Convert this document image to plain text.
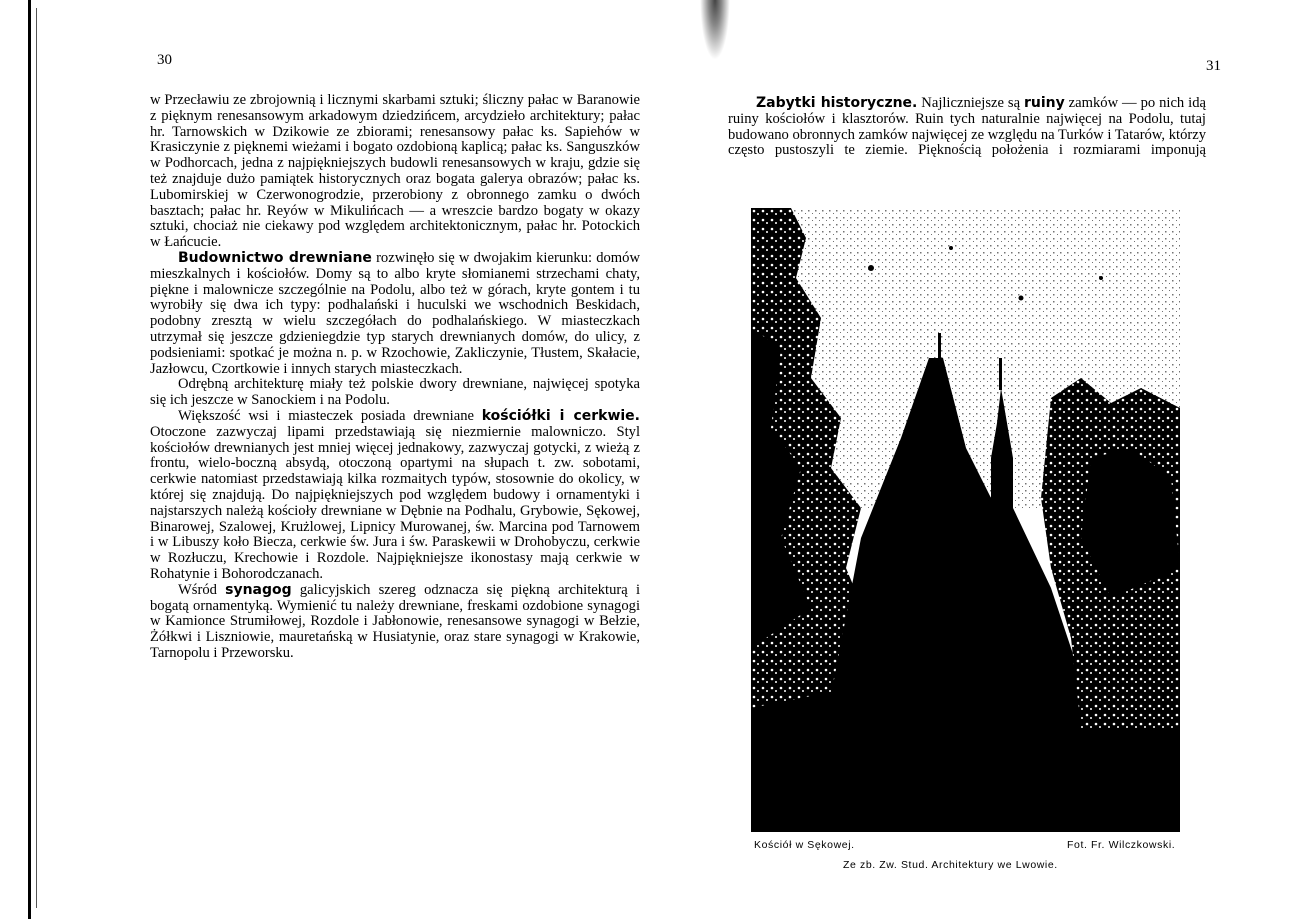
30	31

w Przecławiu ze zbrojownią i licznymi skarbami sztuki; śliczny pałac w Baranowie z pięknym renesansowym arkadowym dziedzińcem, arcydzieło architektury; pałac hr. Tarnowskich w Dzikowie ze zbiorami; renesansowy pałac ks. Sapiehów w Krasiczynie z pięknemi wieżami i bogato ozdobioną kaplicą; pałac ks. Sanguszków w Podhorcach, jedna z najpiękniejszych budowli renesansowych w kraju, gdzie się też znajduje dużo pamiątek historycznych oraz bogata galerya obrazów; pałac ks. Lubomirskiej w Czerwonogrodzie, przerobiony z obronnego zamku o dwóch basztach; pałac hr. Reyów w Mikulińcach — a wreszcie bardzo bogaty w okazy sztuki, chociaż nie ciekawy pod względem architektonicznym, pałac hr. Potockich w Łańcucie.

Budownictwo drewniane rozwinęło się w dwojakim kierunku: domów mieszkalnych i kościołów. Domy są to albo kryte słomianemi strzechami chaty, piękne i malownicze szczególnie na Podolu, albo też w górach, kryte gontem i tu wyrobiły się dwa ich typy: podhalański i huculski we wschodnich Beskidach, podobny zresztą w wielu szczegółach do podhalańskiego. W miasteczkach utrzymał się jeszcze gdzieniegdzie typ starych drewnianych domów, do ulicy, z podsieniami: spotkać je można n. p. w Rzochowie, Zakliczynie, Tłustem, Skałacie, Jazłowcu, Czortkowie i innych starych miasteczkach.

Odrębną architekturę miały też polskie dwory drewniane, najwięcej spotyka się ich jeszcze w Sanockiem i na Podolu.

Większość wsi i miasteczek posiada drewniane kościółki i cerkwie. Otoczone zazwyczaj lipami przedstawiają się niezmiernie malowniczo. Styl kościołów drewnianych jest mniej więcej jednakowy, zazwyczaj gotycki, z wieżą z frontu, wielo-boczną absydą, otoczoną opartymi na słupach t. zw. sobotami, cerkwie natomiast przedstawiają kilka rozmaitych typów, stosownie do okolicy, w której się znajdują. Do najpiękniejszych pod względem budowy i ornamentyki i najstarszych należą kościoły drewniane w Dębnie na Podhalu, Grybowie, Sękowej, Binarowej, Szalowej, Krużlowej, Lipnicy Murowanej, św. Marcina pod Tarnowem i w Libuszy koło Biecza, cerkwie św. Jura i św. Paraskewii w Drohobyczu, cerkwie w Rozłuczu, Krechowie i Rozdole. Najpiękniejsze ikonostasy mają cerkwie w Rohatynie i Bohorodczanach.

Wśród synagog galicyjskich szereg odznacza się piękną architekturą i bogatą ornamentyką. Wymienić tu należy drewniane, freskami ozdobione synagogi w Kamionce Strumiłowej, Rozdole i Jabłonowie, renesansowe synagogi w Bełzie, Żółkwi i Liszniowie, mauretańską w Husiatynie, oraz stare synagogi w Krakowie, Tarnopolu i Przeworsku.

Zabytki historyczne. Najliczniejsze są ruiny zamków — po nich idą ruiny kościołów i klasztorów. Ruin tych naturalnie najwięcej na Podolu, tutaj budowano obronnych zamków najwięcej ze względu na Turków i Tatarów, którzy często pustoszyli te ziemie. Pięknością położenia i rozmiarami imponują

Kościół w Sękowej.	Fot. Fr. Wilczkowski.
Ze zb. Zw. Stud. Architektury we Lwowie.
